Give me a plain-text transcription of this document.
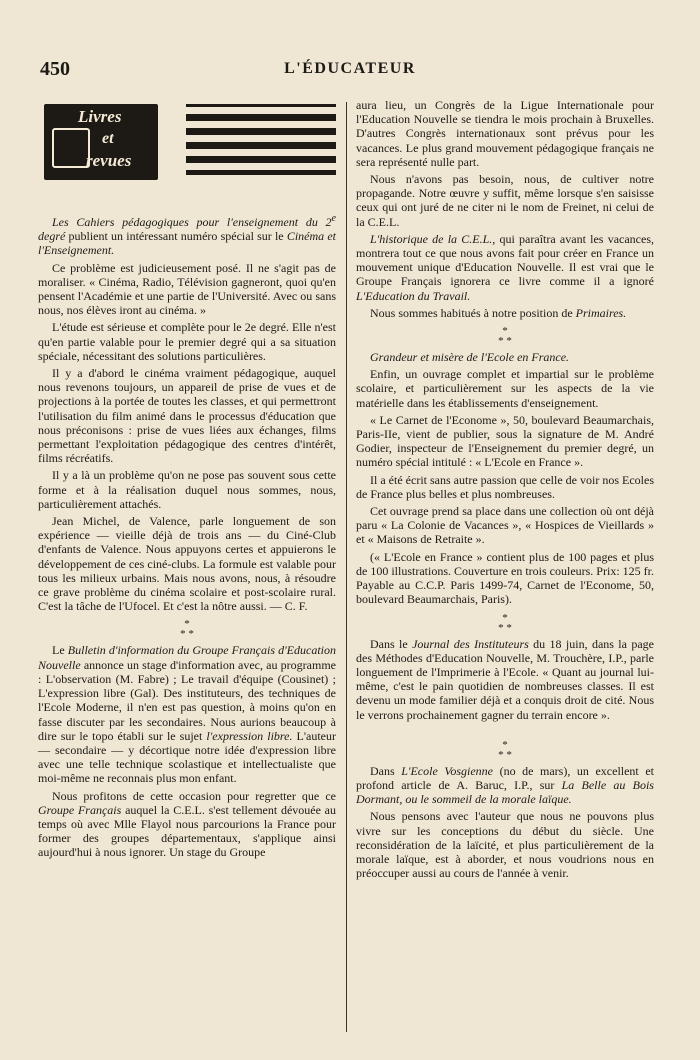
450	L'ÉDUCATEUR
Livres
et
revues

Les Cahiers pédagogiques pour l'enseignement du 2e degré publient un intéressant numéro spécial sur le Cinéma et l'Enseignement.

Ce problème est judicieusement posé. Il ne s'agit pas de moraliser. « Cinéma, Radio, Télévision gagneront, quoi qu'en pensent l'Académie et une partie de l'Université. Avec ou sans nous, nos élèves iront au cinéma. »

L'étude est sérieuse et complète pour le 2e degré. Elle n'est qu'en partie valable pour le premier degré qui a sa situation spéciale, nécessitant des solutions particulières.

Il y a d'abord le cinéma vraiment pédagogique, auquel nous revenons toujours, un appareil de prise de vues et de projections à la portée de toutes les classes, et qui permettront l'utilisation du film animé dans le processus d'éducation que nous préconisons : prise de vues liées aux échanges, films permettant l'exploitation pédagogique des centres d'intérêt, films récréatifs.

Il y a là un problème qu'on ne pose pas souvent sous cette forme et à la réalisation duquel nous sommes, nous, particulièrement attachés.

Jean Michel, de Valence, parle longuement de son expérience — vieille déjà de trois ans — du Ciné-Club d'enfants de Valence. Nous appuyons certes et appuierons le développement de ces ciné-clubs. La formule est valable pour tous les milieux urbains. Mais nous avons, nous, à résoudre ce grave problème du cinéma scolaire et post-scolaire rural. C'est la tâche de l'Ufocel. Et c'est la nôtre aussi. — C. F.

*
* *

Le Bulletin d'information du Groupe Français d'Education Nouvelle annonce un stage d'information avec, au programme : L'observation (M. Fabre) ; Le travail d'équipe (Cousinet) ; L'expression libre (Gal). Des instituteurs, des techniques de l'Ecole Moderne, il n'en est pas question, à moins qu'on en fasse discuter par les secondaires. Nous aurions beaucoup à dire sur le topo établi sur le sujet l'expression libre. L'auteur — secondaire — y décortique notre idée d'expression libre avec une telle technique scolastique et intellectualiste que moi-même ne reconnais plus mon enfant.

Nous profitons de cette occasion pour regretter que ce Groupe Français auquel la C.E.L. s'est tellement dévouée au temps où avec Mlle Flayol nous parcourions la France pour former des groupes départementaux, s'applique ainsi aujourd'hui à nous ignorer. Un stage du Groupe

aura lieu, un Congrès de la Ligue Internationale pour l'Education Nouvelle se tiendra le mois prochain à Bruxelles. D'autres Congrès internationaux sont prévus pour les vacances. Le plus grand mouvement pédagogique français ne sera représenté nulle part.

Nous n'avons pas besoin, nous, de cultiver notre propagande. Notre œuvre y suffit, même lorsque s'en saisisse ceux qui ont juré de ne citer ni le nom de Freinet, ni celui de la C.E.L.

L'historique de la C.E.L., qui paraîtra avant les vacances, montrera tout ce que nous avons fait pour créer en France un mouvement unique d'Education Nouvelle. Il est vrai que le Groupe Français ignorera ce livre comme il a ignoré L'Education du Travail.

Nous sommes habitués à notre position de Primaires.

*
* *

Grandeur et misère de l'Ecole en France.

Enfin, un ouvrage complet et impartial sur le problème scolaire, et particulièrement sur les aspects de la vie matérielle dans les établissements d'enseignement.

« Le Carnet de l'Econome », 50, boulevard Beaumarchais, Paris-IIe, vient de publier, sous la signature de M. André Godier, inspecteur de l'Enseignement du premier degré, un numéro spécial intitulé : « L'Ecole en France ».

Il a été écrit sans autre passion que celle de voir nos Ecoles de France plus belles et plus nombreuses.

Cet ouvrage prend sa place dans une collection où ont déjà paru « La Colonie de Vacances », « Hospices de Vieillards » et « Maisons de Retraite ».

(« L'Ecole en France » contient plus de 100 pages et plus de 100 illustrations. Couverture en trois couleurs. Prix: 125 fr. Payable au C.C.P. Paris 1499-74, Carnet de l'Econome, 50, boulevard Beaumarchais, Paris).

*
* *

Dans le Journal des Instituteurs du 18 juin, dans la page des Méthodes d'Education Nouvelle, M. Trouchère, I.P., parle longuement de l'Imprimerie à l'Ecole. « Quant au journal lui-même, c'est le pain quotidien de nombreuses classes. Il est devenu un mode familier déjà et a conquis droit de cité. Nous le verrons prochainement gagner du terrain encore ».

*
* *

Dans L'Ecole Vosgienne (no de mars), un excellent et profond article de A. Baruc, I.P., sur La Belle au Bois Dormant, ou le sommeil de la morale laïque.

Nous pensons avec l'auteur que nous ne pouvons plus vivre sur les conceptions du début du siècle. Une reconsidération de la laïcité, et plus particulièrement de la morale laïque, est à aborder, et nous voudrions nous en préoccuper aussi au cours de l'année à venir.
